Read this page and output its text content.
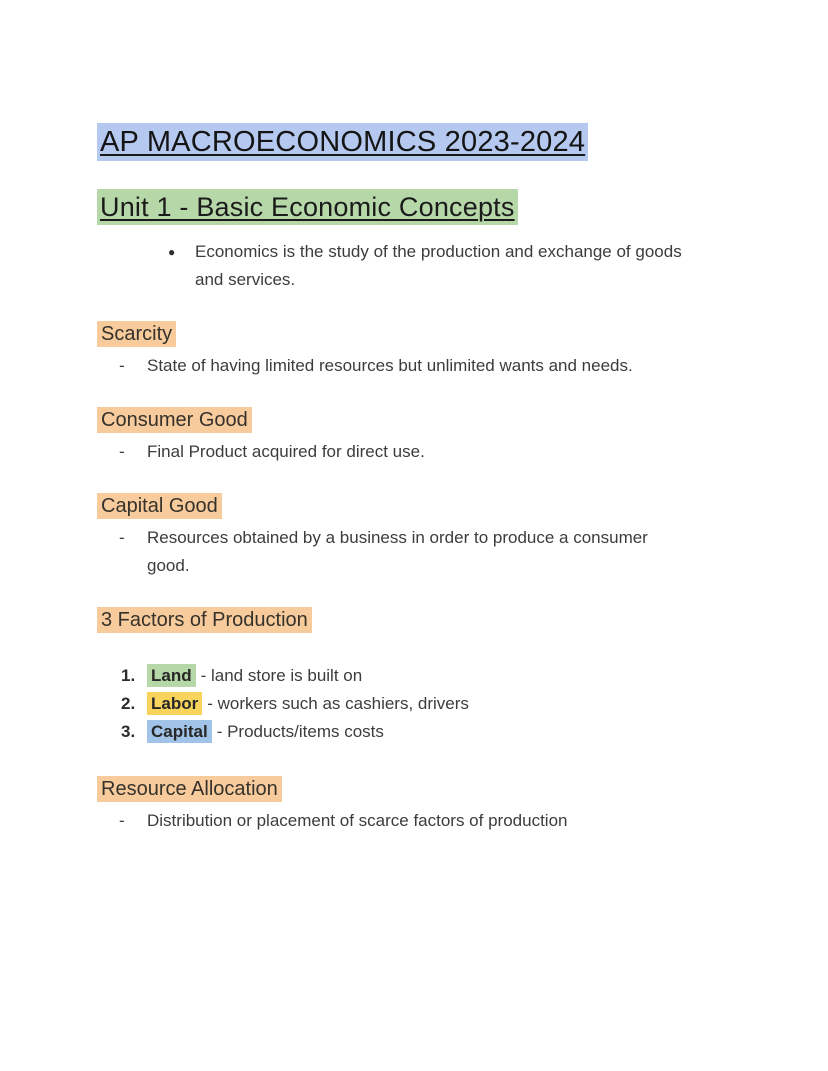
AP MACROECONOMICS 2023-2024
Unit 1 - Basic Economic Concepts
● Economics is the study of the production and exchange of goods and services.
Scarcity
- State of having limited resources but unlimited wants and needs.
Consumer Good
- Final Product acquired for direct use.
Capital Good
- Resources obtained by a business in order to produce a consumer good.
3 Factors of Production
1. Land - land store is built on
2. Labor - workers such as cashiers, drivers
3. Capital - Products/items costs
Resource Allocation
- Distribution or placement of scarce factors of production
